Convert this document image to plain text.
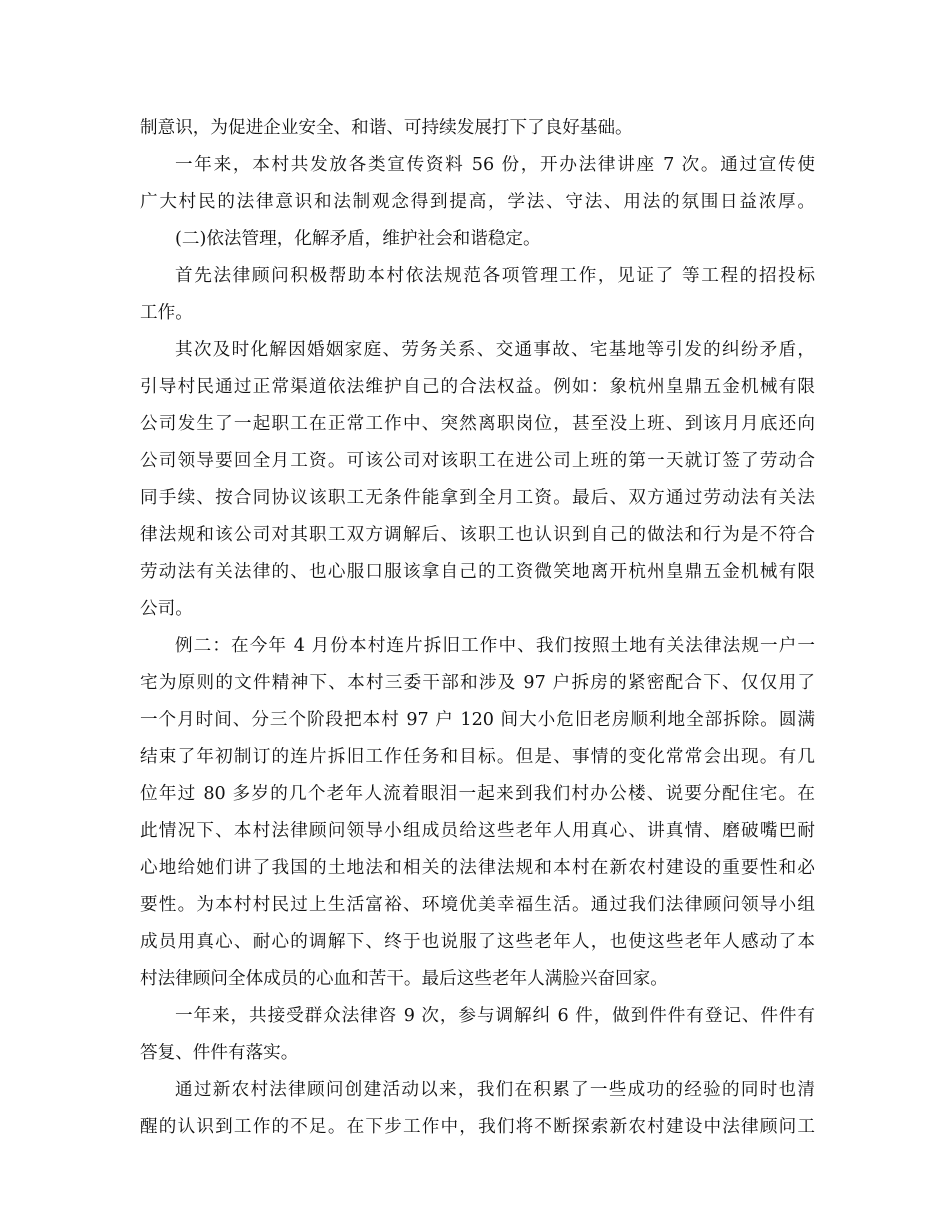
制意识，为促进企业安全、和谐、可持续发展打下了良好基础。
一年来，本村共发放各类宣传资料 56 份，开办法律讲座 7 次。通过宣传使
广大村民的法律意识和法制观念得到提高，学法、守法、用法的氛围日益浓厚。
(二)依法管理，化解矛盾，维护社会和谐稳定。
首先法律顾问积极帮助本村依法规范各项管理工作，见证了 等工程的招投标
工作。
其次及时化解因婚姻家庭、劳务关系、交通事故、宅基地等引发的纠纷矛盾，
引导村民通过正常渠道依法维护自己的合法权益。例如：象杭州皇鼎五金机械有限
公司发生了一起职工在正常工作中、突然离职岗位，甚至没上班、到该月月底还向
公司领导要回全月工资。可该公司对该职工在进公司上班的第一天就订签了劳动合
同手续、按合同协议该职工无条件能拿到全月工资。最后、双方通过劳动法有关法
律法规和该公司对其职工双方调解后、该职工也认识到自己的做法和行为是不符合
劳动法有关法律的、也心服口服该拿自己的工资微笑地离开杭州皇鼎五金机械有限
公司。
例二：在今年 4 月份本村连片拆旧工作中、我们按照土地有关法律法规一户一
宅为原则的文件精神下、本村三委干部和涉及 97 户拆房的紧密配合下、仅仅用了
一个月时间、分三个阶段把本村 97 户 120 间大小危旧老房顺利地全部拆除。圆满
结束了年初制订的连片拆旧工作任务和目标。但是、事情的变化常常会出现。有几
位年过 80 多岁的几个老年人流着眼泪一起来到我们村办公楼、说要分配住宅。在
此情况下、本村法律顾问领导小组成员给这些老年人用真心、讲真情、磨破嘴巴耐
心地给她们讲了我国的土地法和相关的法律法规和本村在新农村建设的重要性和必
要性。为本村村民过上生活富裕、环境优美幸福生活。通过我们法律顾问领导小组
成员用真心、耐心的调解下、终于也说服了这些老年人，也使这些老年人感动了本
村法律顾问全体成员的心血和苦干。最后这些老年人满脸兴奋回家。
一年来，共接受群众法律咨 9 次，参与调解纠 6 件，做到件件有登记、件件有
答复、件件有落实。
通过新农村法律顾问创建活动以来，我们在积累了一些成功的经验的同时也清
醒的认识到工作的不足。在下步工作中，我们将不断探索新农村建设中法律顾问工
